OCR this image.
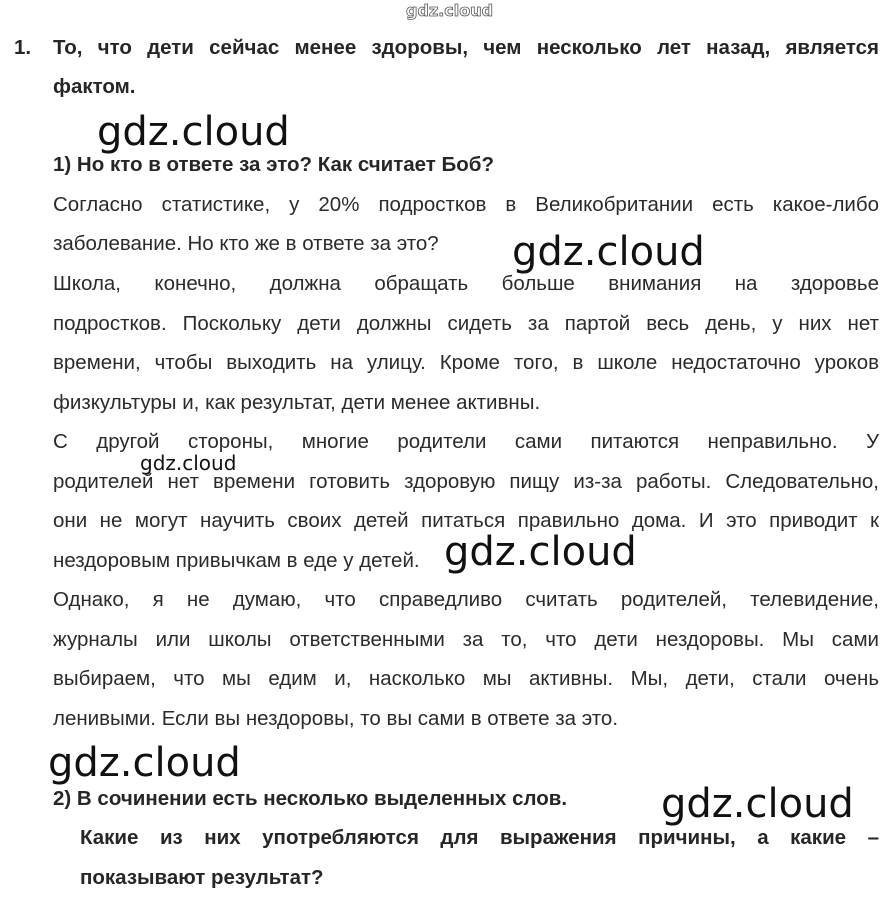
gdz.cloud
1. То, что дети сейчас менее здоровы, чем несколько лет назад, является
фактом.
gdz.cloud
1) Но кто в ответе за это? Как считает Боб?
Согласно статистике, у 20% подростков в Великобритании есть какое-либо
заболевание. Но кто же в ответе за это? gdz.cloud
Школа, конечно, должна обращать больше внимания на здоровье
подростков. Поскольку дети должны сидеть за партой весь день, у них нет
времени, чтобы выходить на улицу. Кроме того, в школе недостаточно уроков
физкультуры и, как результат, дети менее активны.
С другой стороны, многие родители сами питаются неправильно. У
gdz.cloud
родителей нет времени готовить здоровую пищу из-за работы. Следовательно,
они не могут научить своих детей питаться правильно дома. И это приводит к
нездоровым привычкам в еде у детей. gdz.cloud
Однако, я не думаю, что справедливо считать родителей, телевидение,
журналы или школы ответственными за то, что дети нездоровы. Мы сами
выбираем, что мы едим и, насколько мы активны. Мы, дети, стали очень
ленивыми. Если вы нездоровы, то вы сами в ответе за это.
gdz.cloud
2) В сочинении есть несколько выделенных слов. gdz.cloud
Какие из них употребляются для выражения причины, а какие –
показывают результат?
